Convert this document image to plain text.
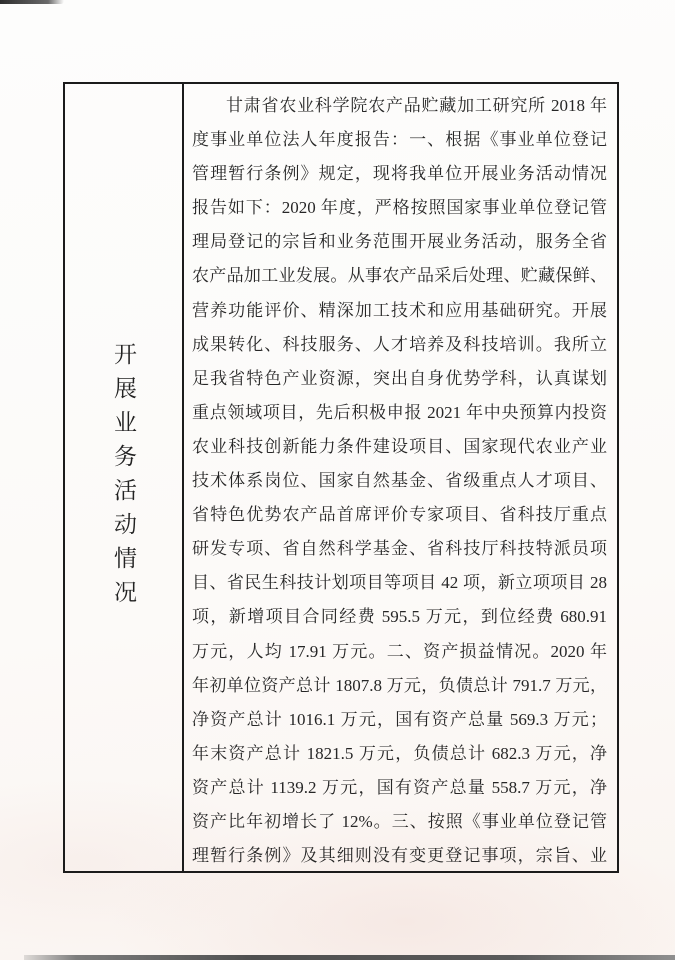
开展业务活动情况
甘肃省农业科学院农产品贮藏加工研究所 2018 年
度事业单位法人年度报告：一、根据《事业单位登记
管理暂行条例》规定，现将我单位开展业务活动情况
报告如下：2020 年度，严格按照国家事业单位登记管
理局登记的宗旨和业务范围开展业务活动，服务全省
农产品加工业发展。从事农产品采后处理、贮藏保鲜、
营养功能评价、精深加工技术和应用基础研究。开展
成果转化、科技服务、人才培养及科技培训。我所立
足我省特色产业资源，突出自身优势学科，认真谋划
重点领域项目，先后积极申报 2021 年中央预算内投资
农业科技创新能力条件建设项目、国家现代农业产业
技术体系岗位、国家自然基金、省级重点人才项目、
省特色优势农产品首席评价专家项目、省科技厅重点
研发专项、省自然科学基金、省科技厅科技特派员项
目、省民生科技计划项目等项目 42 项，新立项项目 28
项，新增项目合同经费 595.5 万元，到位经费 680.91
万元，人均 17.91 万元。二、资产损益情况。2020 年
年初单位资产总计 1807.8 万元，负债总计 791.7 万元，
净资产总计 1016.1 万元，国有资产总量 569.3 万元；
年末资产总计 1821.5 万元，负债总计 682.3 万元，净
资产总计 1139.2 万元，国有资产总量 558.7 万元，净
资产比年初增长了 12%。三、按照《事业单位登记管
理暂行条例》及其细则没有变更登记事项，宗旨、业
